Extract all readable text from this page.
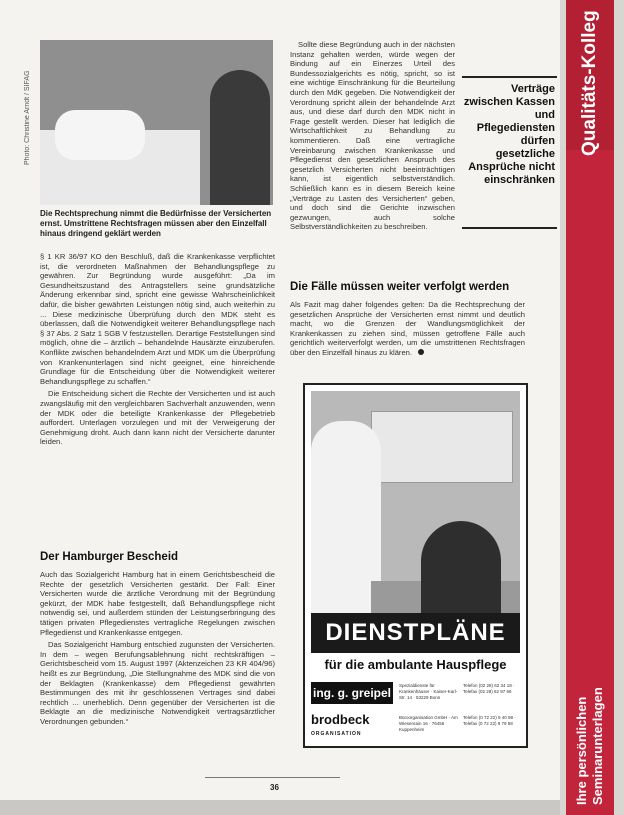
Photo: Christine Arndt / SIFAG
Die Rechtsprechung nimmt die Bedürfnisse der Versicherten ernst. Umstrittene Rechtsfragen müssen aber den Einzelfall hinaus dringend geklärt werden

§ 1 KR 36/97 KO den Beschluß, daß die Krankenkasse verpflichtet ist, die verordneten Maßnahmen der Behandlungspflege zu gewähren. Zur Begründung wurde ausgeführt: „Da im Gesundheitszustand des Antragstellers seine grundsätzliche Änderung erkennbar sind, spricht eine gewisse Wahrscheinlichkeit dafür, die bisher gewährten Leistungen nötig sind, auch weiterhin zu ... Diese medizinische Überprüfung durch den MDK steht es überlassen, daß die Notwendigkeit weiterer Behandlungspflege nach § 37 Abs. 2 Satz 1 SGB V festzustellen. Derartige Feststellungen sind möglich, ohne die – ärztlich – behandelnde Hausärzte einzuberufen. Konflikte zwischen behandelndem Arzt und MDK um die Überprüfung von Krankenunterlagen sind nicht geeignet, eine hinreichende Grundlage für die Entscheidung über die Notwendigkeit weiterer Behandlungspflege zu schaffen.“

Die Entscheidung sichert die Rechte der Versicherten und ist auch zwangsläufig mit den vergleichbaren Sachverhalt anzuwenden, wenn der MDK oder die beteiligte Krankenkasse der Pflegebetrieb auffordert. Unterlagen vorzulegen und mit der Verweigerung der Genehmigung droht. Auch dann kann nicht der Versicherte darunter leiden.

Der Hamburger Bescheid

Auch das Sozialgericht Hamburg hat in einem Gerichtsbescheid die Rechte der gesetzlich Versicherten gestärkt. Der Fall: Einer Versicherten wurde die ärztliche Verordnung mit der Begründung gekürzt, der MDK habe festgestellt, daß Behandlungspflege nicht notwendig sei, und außerdem stünden der Leistungserbringung des tätigen privaten Pflegedienstes vertragliche Regelungen zwischen Pflegedienst und Krankenkasse entgegen.

Das Sozialgericht Hamburg entschied zugunsten der Versicherten. In dem – wegen Berufungsablehnung nicht rechtskräftigen – Gerichtsbescheid vom 15. August 1997 (Aktenzeichen 23 KR 404/96) heißt es zur Begründung, „Die Stellungnahme des MDK sind die von der Beklagten (Krankenkasse) dem Pflegedienst gewährten Bestimmungen des mit ihr geschlossenen Vertrages sind dabei rechtlich ... unerheblich. Denn gegenüber der Versicherten ist die Beklagte an die medizinische Notwendigkeit vertragsärztlicher Verordnungen gebunden.“

Sollte diese Begründung auch in der nächsten Instanz gehalten werden, würde wegen der Bindung auf ein Einerzes Urteil des Bundessozialgerichts es nötig, spricht, so ist eine wichtige Einschränkung für die Beurteilung durch den MdK gegeben. Die Notwendigkeit der Verordnung spricht allein der behandelnde Arzt aus, und diese darf durch den MDK nicht in Frage gestellt werden. Dieser hat lediglich die Wirtschaftlichkeit zu Behandlung zu kommentieren. Daß eine vertragliche Vereinbarung zwischen Krankenkasse und Pflegedienst den gesetzlichen Anspruch des gesetzlich Versicherten nicht beeinträchtigen kann, ist eigentlich selbstverständlich. Schließlich kann es in diesem Bereich keine „Verträge zu Lasten des Versicherten“ geben, und doch sind die Gerichte inzwischen gezwungen, auch solche Selbstverständlichkeiten zu beschreiben.

Verträge zwischen Kassen und Pflegediensten dürfen gesetzliche Ansprüche nicht einschränken
Die Fälle müssen weiter verfolgt werden

Als Fazit mag daher folgendes gelten: Da die Rechtsprechung der gesetzlichen Ansprüche der Versicherten ernst nimmt und deutlich macht, wo die Grenzen der Wandlungsmöglichkeit der Krankenkassen zu ziehen sind, müssen getroffene Fälle auch gerichtlich weiterverfolgt werden, um die umstrittenen Rechtsfragen über den Einzelfall hinaus zu klären.

DIENSTPLÄNE
für die ambulante Hauspflege
ing. g. greipel
Spezialdienste für Krankenhäuser · Kaiser-Karl-Str. 14 · 53229 Bonn
Telefon (02 28) 62 34 19 · Telefax (02 28) 62 97 66
brodbeck
ORGANISATION
Büroorganisation GmbH · Am Wiesenrain 16 · 76456 Kuppenheim
Telefon (0 72 22) 9 40 98 · Telefax (0 72 22) 9 79 58
36
Qualitäts-Kolleg
Ihre persönlichen Seminarunterlagen
